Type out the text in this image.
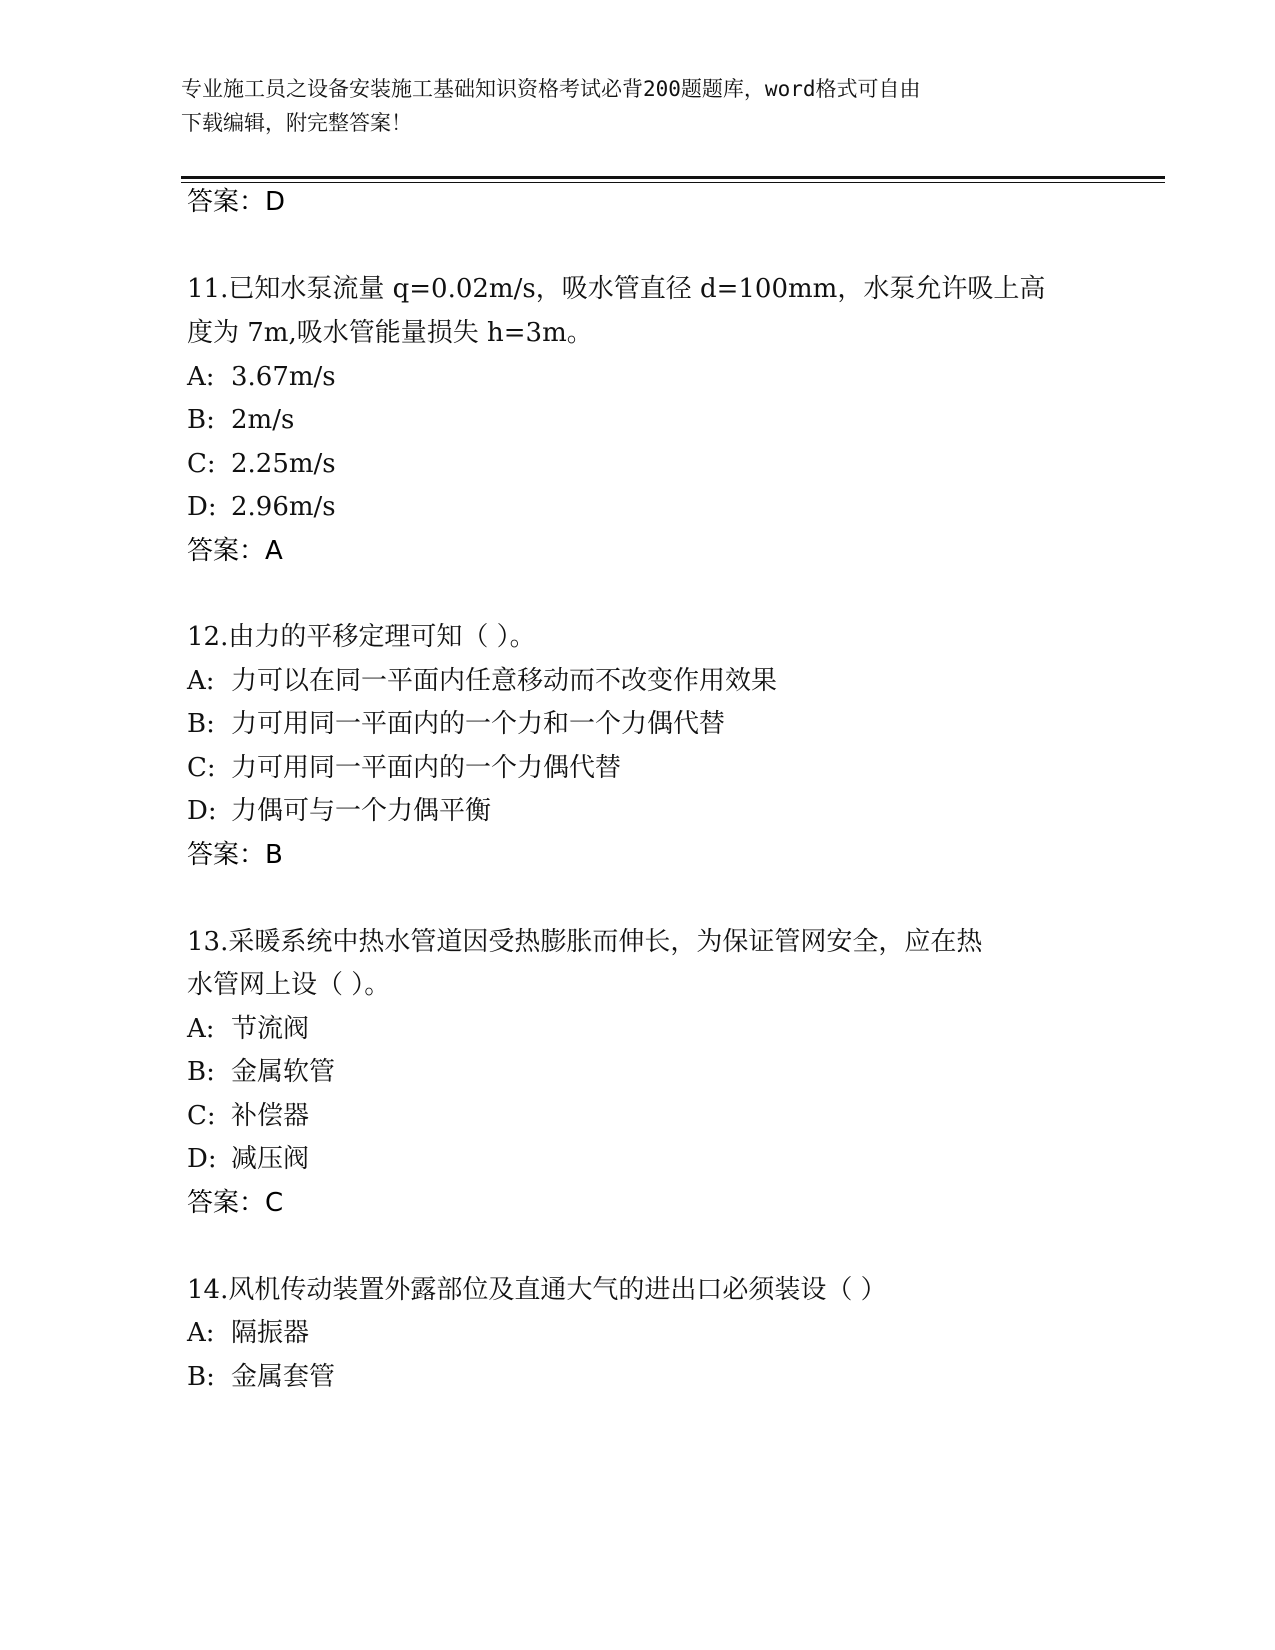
专业施工员之设备安装施工基础知识资格考试必背200题题库，word格式可自由
下载编辑，附完整答案！
答案：D
11.已知水泵流量 q=0.02m/s，吸水管直径 d=100mm，水泵允许吸上高
度为 7m,吸水管能量损失 h=3m。
A: 3.67m/s
B: 2m/s
C: 2.25m/s
D: 2.96m/s
答案：A
12.由力的平移定理可知（ ）。
A: 力可以在同一平面内任意移动而不改变作用效果
B: 力可用同一平面内的一个力和一个力偶代替
C: 力可用同一平面内的一个力偶代替
D: 力偶可与一个力偶平衡
答案：B
13.采暖系统中热水管道因受热膨胀而伸长，为保证管网安全，应在热
水管网上设（ ）。
A: 节流阀
B: 金属软管
C: 补偿器
D: 减压阀
答案：C
14.风机传动装置外露部位及直通大气的进出口必须装设（ ）
A: 隔振器
B: 金属套管
